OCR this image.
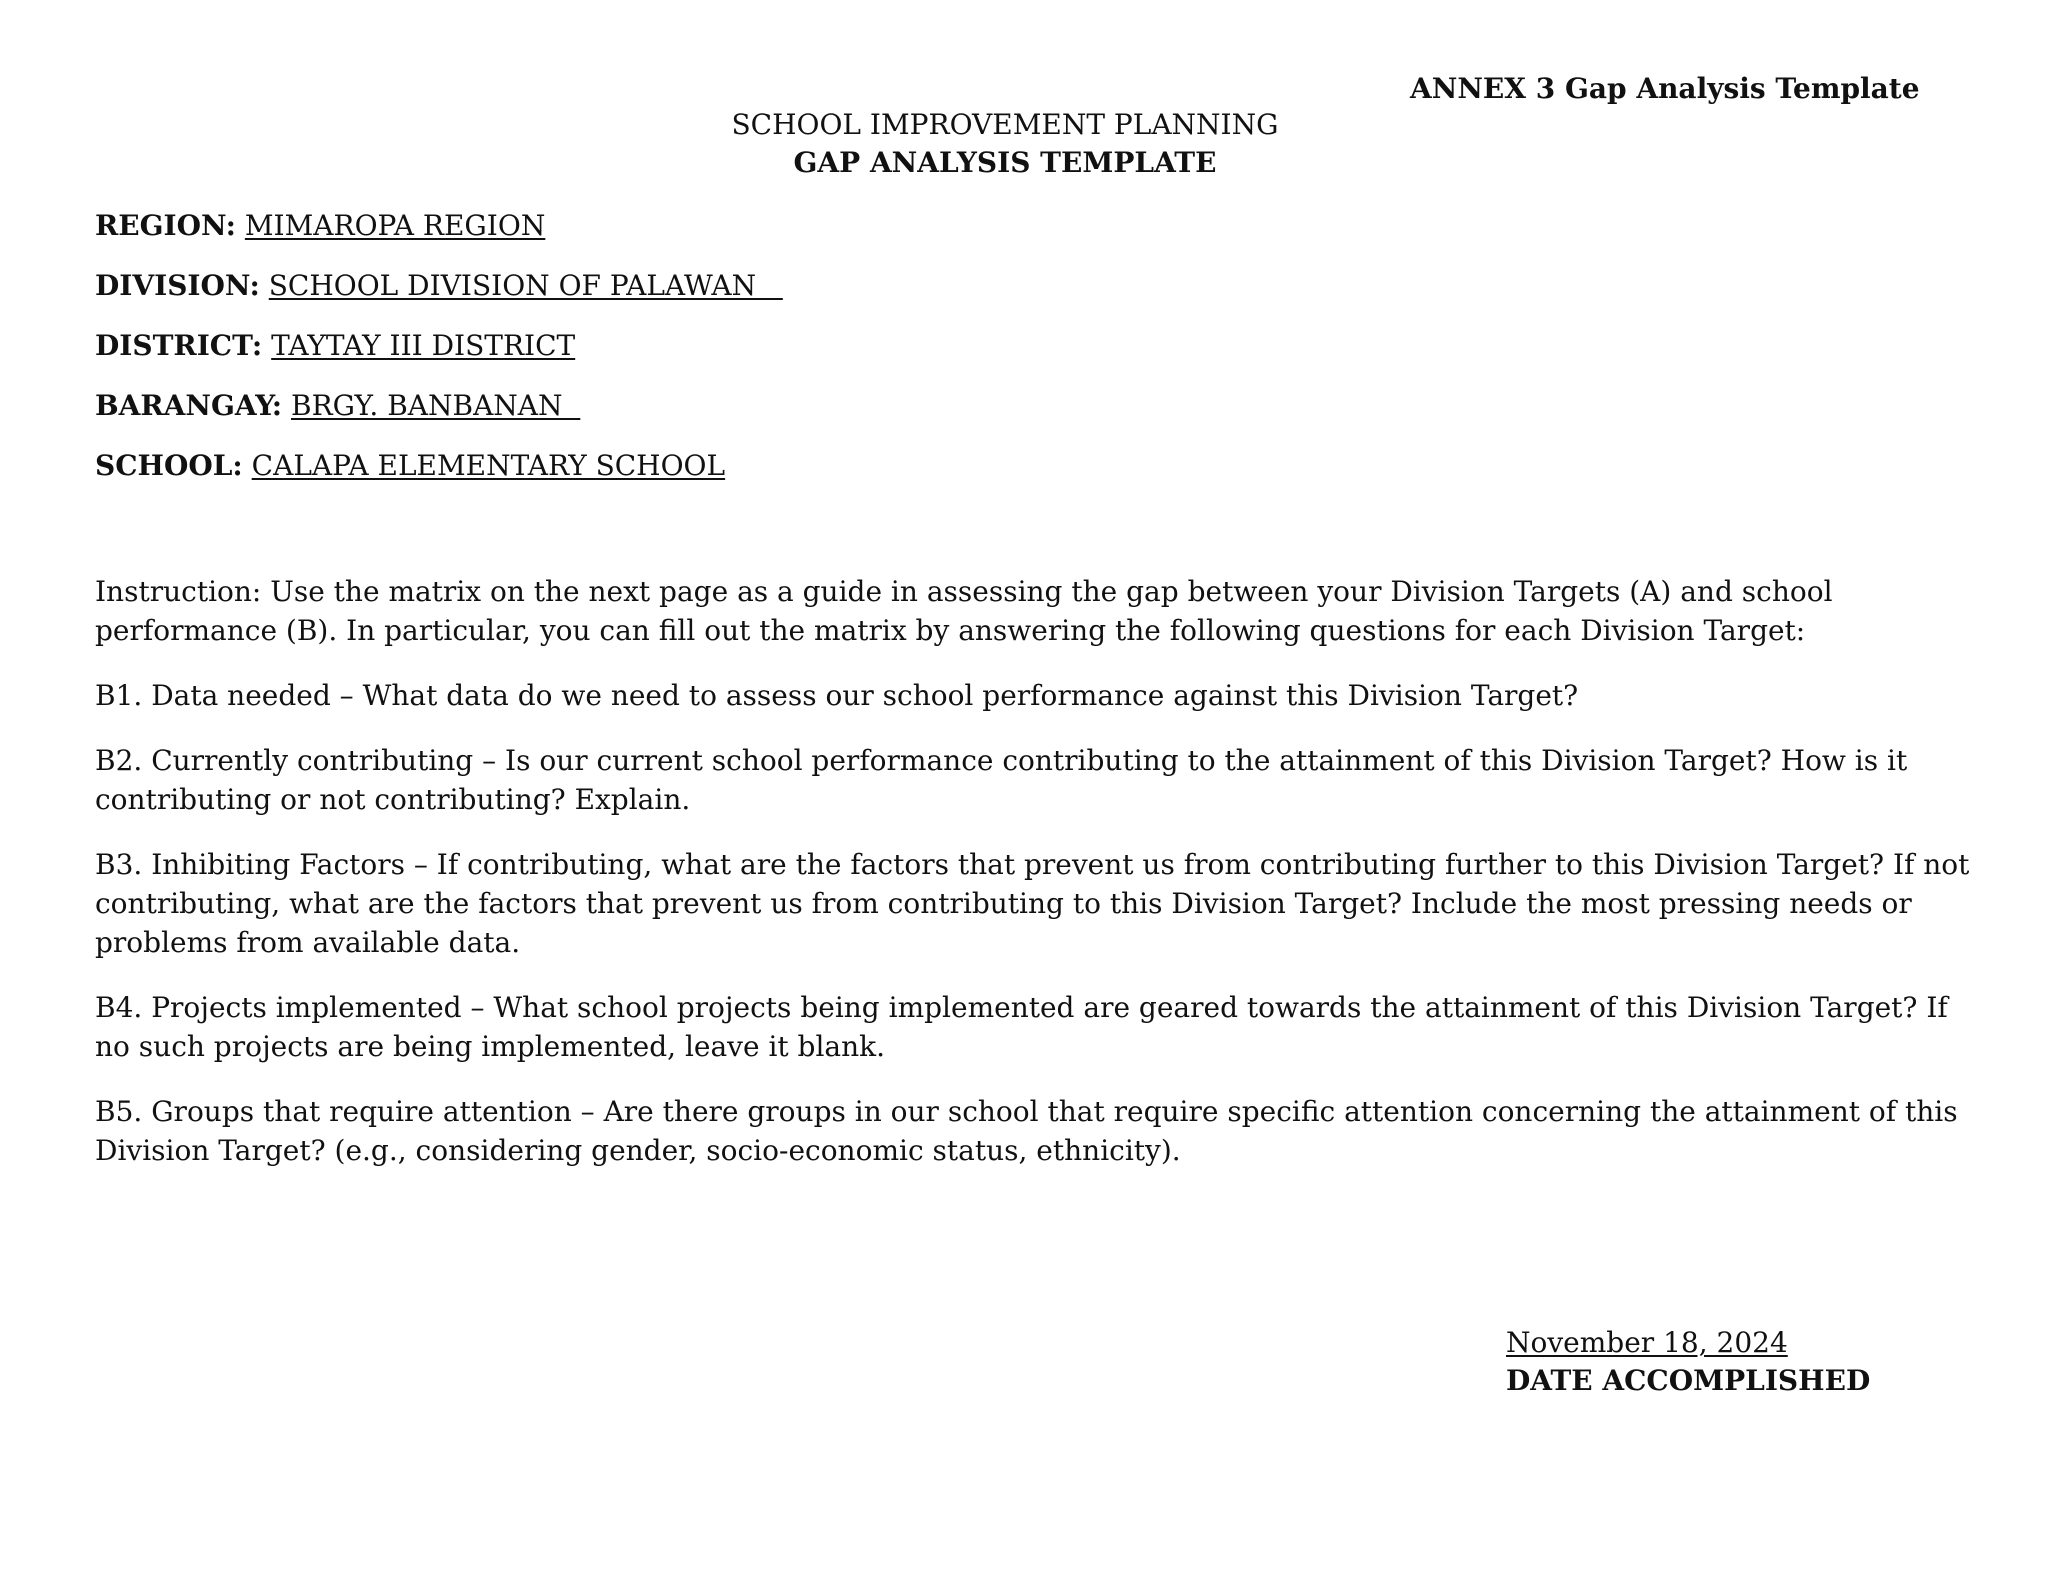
ANNEX 3 Gap Analysis Template
SCHOOL IMPROVEMENT PLANNING
GAP ANALYSIS TEMPLATE
REGION: MIMAROPA REGION
DIVISION: SCHOOL DIVISION OF PALAWAN
DISTRICT: TAYTAY III DISTRICT
BARANGAY: BRGY. BANBANAN
SCHOOL: CALAPA ELEMENTARY SCHOOL

Instruction: Use the matrix on the next page as a guide in assessing the gap between your Division Targets (A) and school performance (B). In particular, you can fill out the matrix by answering the following questions for each Division Target:

B1. Data needed – What data do we need to assess our school performance against this Division Target?

B2. Currently contributing – Is our current school performance contributing to the attainment of this Division Target? How is it contributing or not contributing? Explain.

B3. Inhibiting Factors – If contributing, what are the factors that prevent us from contributing further to this Division Target? If not contributing, what are the factors that prevent us from contributing to this Division Target? Include the most pressing needs or problems from available data.

B4. Projects implemented – What school projects being implemented are geared towards the attainment of this Division Target? If no such projects are being implemented, leave it blank.

B5. Groups that require attention – Are there groups in our school that require specific attention concerning the attainment of this Division Target? (e.g., considering gender, socio-economic status, ethnicity).

November 18, 2024
DATE ACCOMPLISHED
